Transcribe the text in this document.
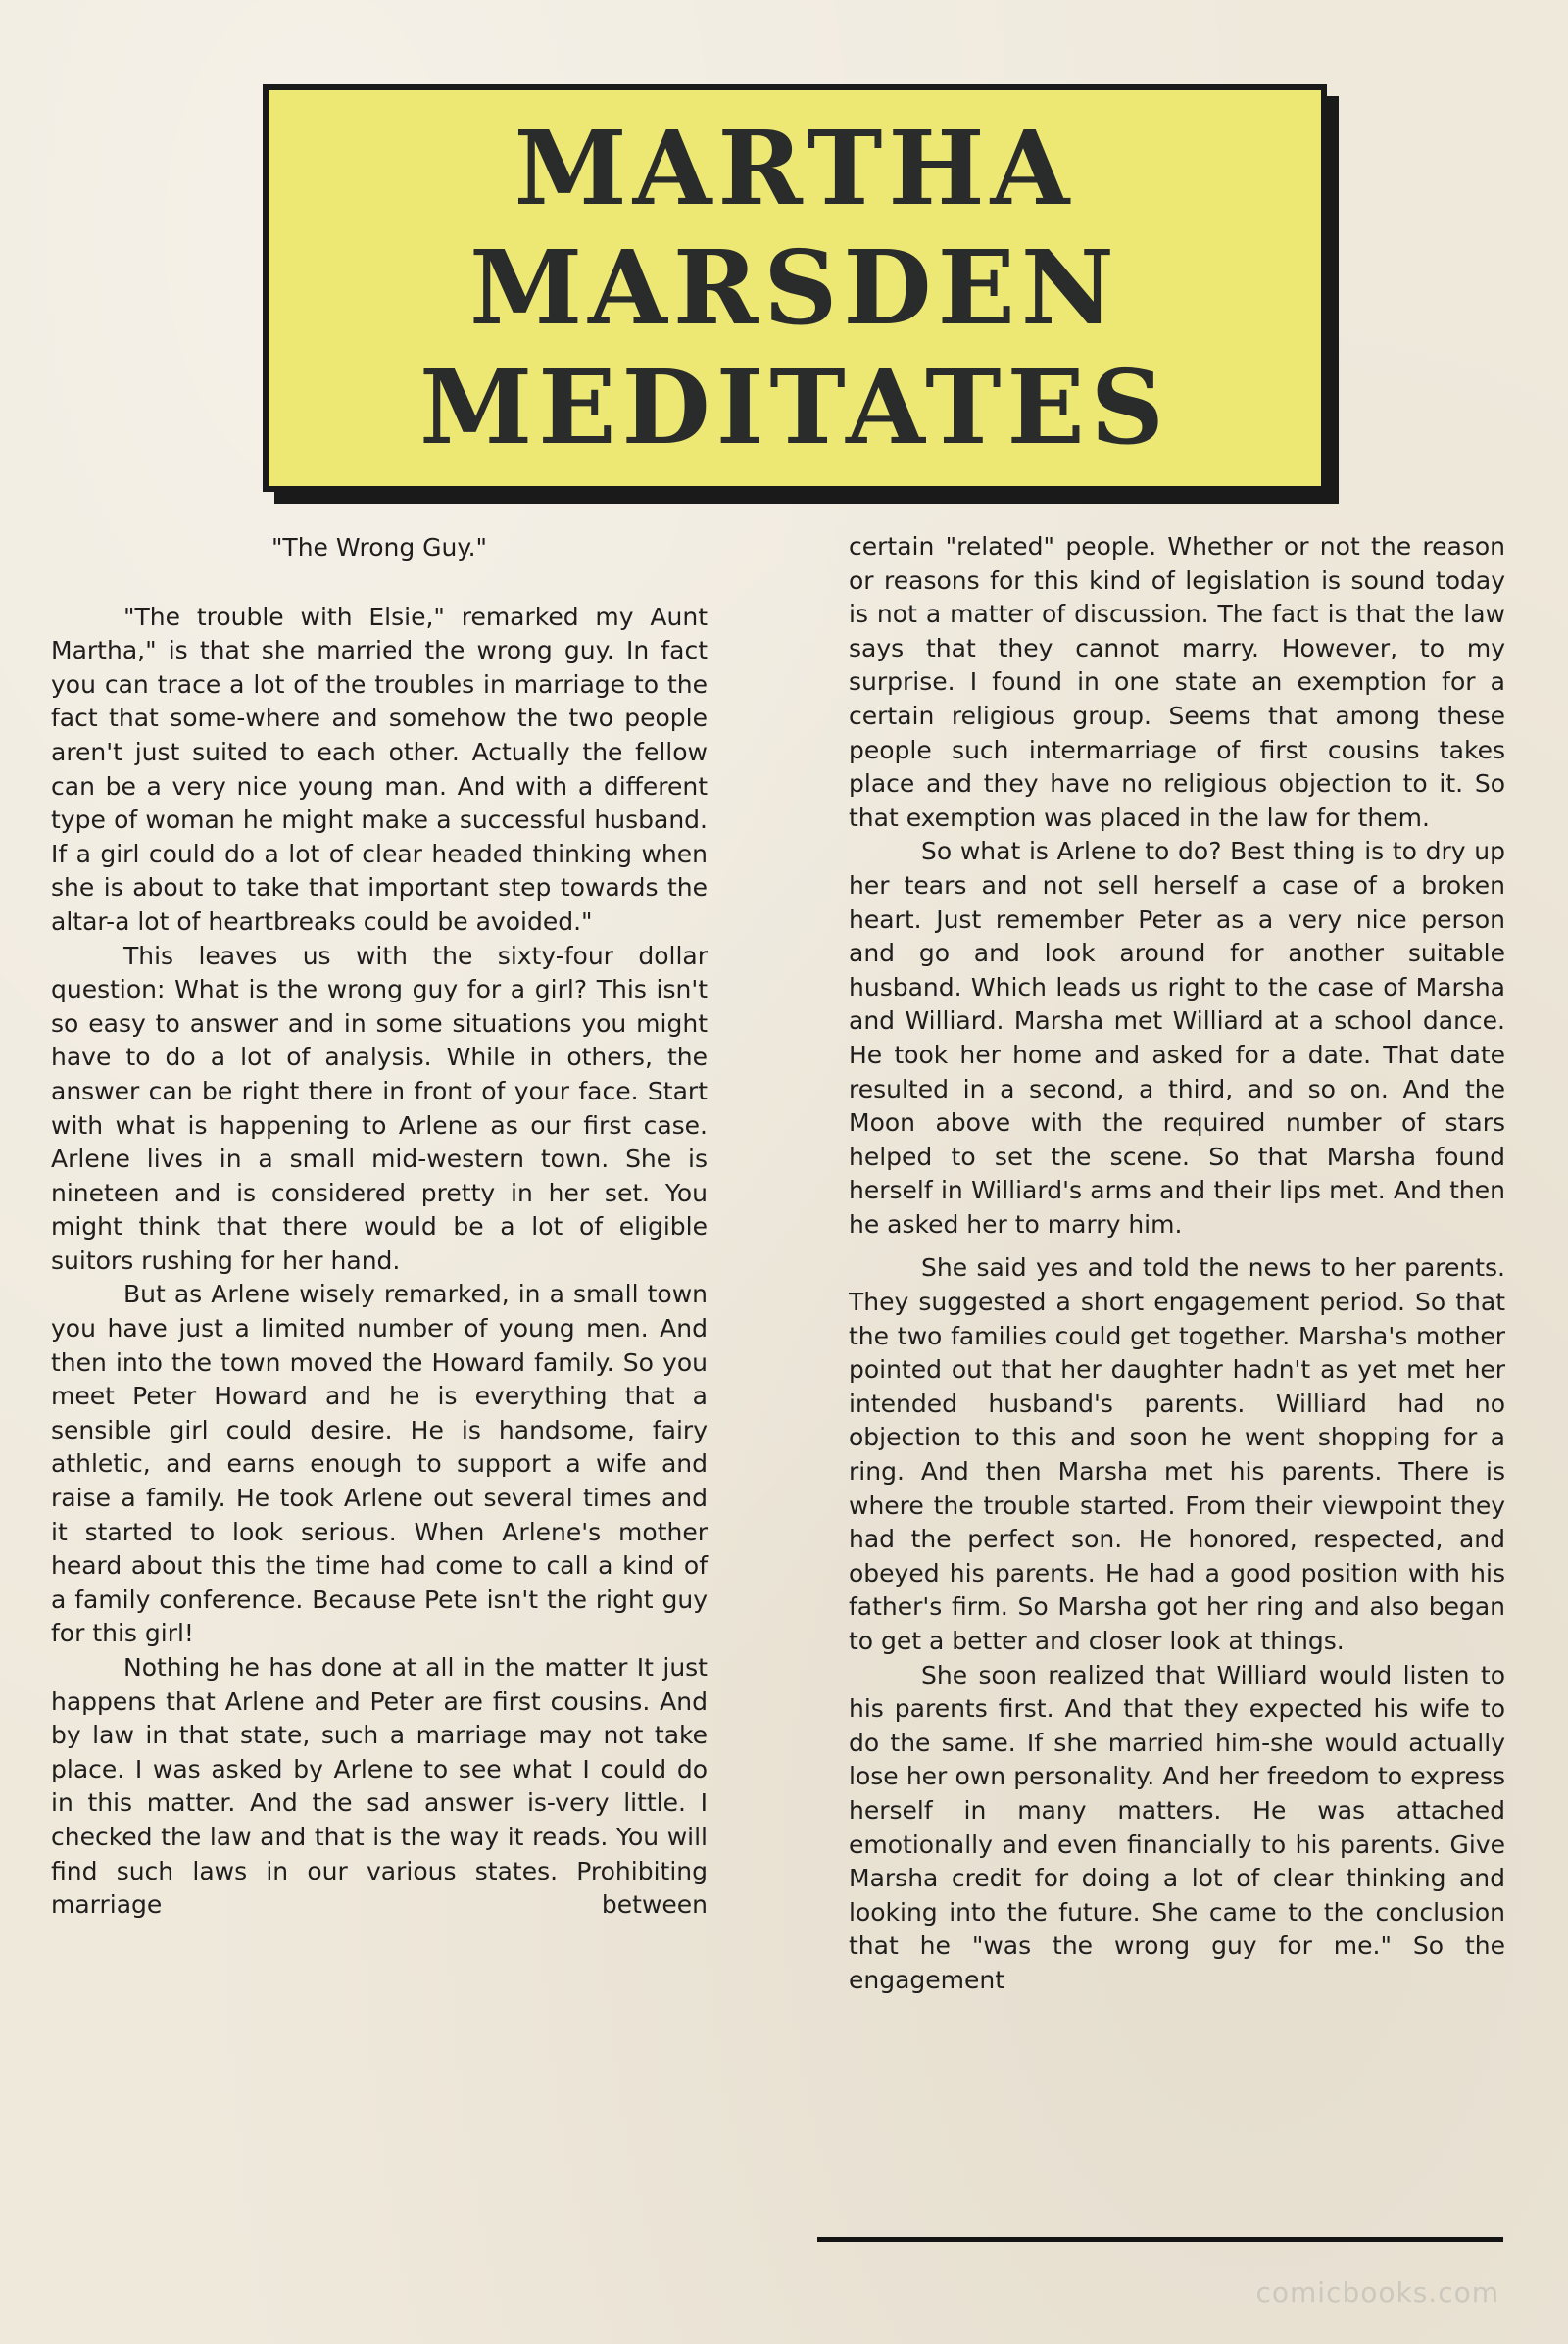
MARTHA
MARSDEN
MEDITATES

"The Wrong Guy."

"The trouble with Elsie," remarked my Aunt Martha," is that she married the wrong guy. In fact you can trace a lot of the troubles in marriage to the fact that some-where and somehow the two people aren't just suited to each other. Actually the fellow can be a very nice young man. And with a different type of woman he might make a successful husband. If a girl could do a lot of clear headed thinking when she is about to take that important step towards the altar-a lot of heartbreaks could be avoided."

This leaves us with the sixty-four dollar question: What is the wrong guy for a girl? This isn't so easy to answer and in some situations you might have to do a lot of analysis. While in others, the answer can be right there in front of your face. Start with what is happening to Arlene as our first case. Arlene lives in a small mid-western town. She is nineteen and is considered pretty in her set. You might think that there would be a lot of eligible suitors rushing for her hand.

But as Arlene wisely remarked, in a small town you have just a limited number of young men. And then into the town moved the Howard family. So you meet Peter Howard and he is everything that a sensible girl could desire. He is handsome, fairy athletic, and earns enough to support a wife and raise a family. He took Arlene out several times and it started to look serious. When Arlene's mother heard about this the time had come to call a kind of a family conference. Because Pete isn't the right guy for this girl!

Nothing he has done at all in the matter It just happens that Arlene and Peter are first cousins. And by law in that state, such a marriage may not take place. I was asked by Arlene to see what I could do in this matter. And the sad answer is-very little. I checked the law and that is the way it reads. You will find such laws in our various states. Prohibiting marriage between

certain "related" people. Whether or not the reason or reasons for this kind of legislation is sound today is not a matter of discussion. The fact is that the law says that they cannot marry. However, to my surprise. I found in one state an exemption for a certain religious group. Seems that among these people such intermarriage of first cousins takes place and they have no religious objection to it. So that exemption was placed in the law for them.

So what is Arlene to do? Best thing is to dry up her tears and not sell herself a case of a broken heart. Just remember Peter as a very nice person and go and look around for another suitable husband. Which leads us right to the case of Marsha and Williard. Marsha met Williard at a school dance. He took her home and asked for a date. That date resulted in a second, a third, and so on. And the Moon above with the required number of stars helped to set the scene. So that Marsha found herself in Williard's arms and their lips met. And then he asked her to marry him.

She said yes and told the news to her parents. They suggested a short engagement period. So that the two families could get together. Marsha's mother pointed out that her daughter hadn't as yet met her intended husband's parents. Williard had no objection to this and soon he went shopping for a ring. And then Marsha met his parents. There is where the trouble started. From their viewpoint they had the perfect son. He honored, respected, and obeyed his parents. He had a good position with his father's firm. So Marsha got her ring and also began to get a better and closer look at things.

She soon realized that Williard would listen to his parents first. And that they expected his wife to do the same. If she married him-she would actually lose her own personality. And her freedom to express herself in many matters. He was attached emotionally and even financially to his parents. Give Marsha credit for doing a lot of clear thinking and looking into the future. She came to the conclusion that he "was the wrong guy for me." So the engagement

comicbooks.com
